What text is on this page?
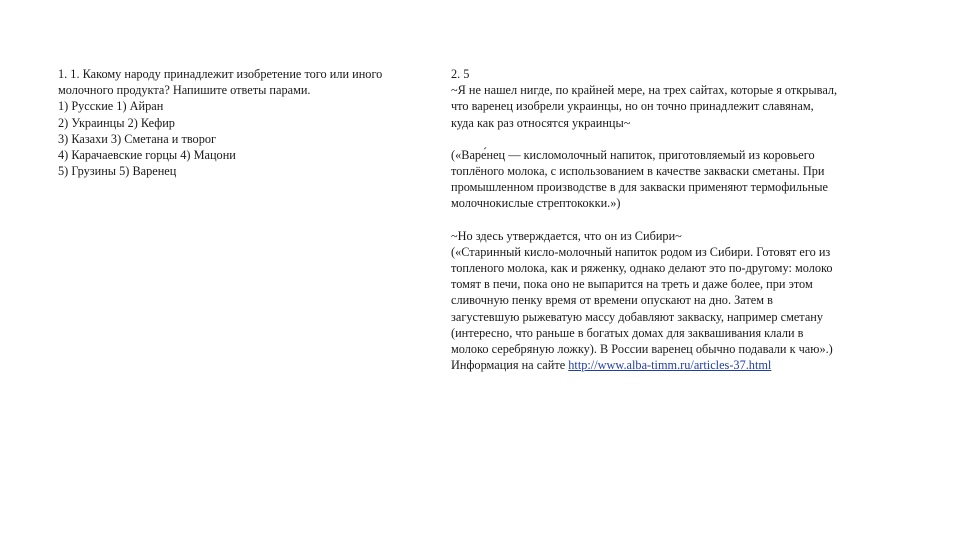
1. 1. Какому народу принадлежит изобретение того или иного
молочного продукта? Напишите ответы парами.
1) Русские 1) Айран
2) Украинцы 2) Кефир
3) Казахи 3) Сметана и творог
4) Карачаевские горцы 4) Мацони
5) Грузины 5) Варенец
2. 5
~Я не нашел нигде, по крайней мере, на трех сайтах, которые я открывал,
что варенец изобрели украинцы, но он точно принадлежит славянам,
куда как раз относятся украинцы~
(«Варе́нец — кисломолочный напиток, приготовляемый из коровьего
топлёного молока, с использованием в качестве закваски сметаны. При
промышленном производстве в для закваски применяют термофильные
молочнокислые стрептококки.»)
~Но здесь утверждается, что он из Сибири~
(«Старинный кисло-молочный напиток родом из Сибири. Готовят его из
топленого молока, как и ряженку, однако делают это по-другому: молоко
томят в печи, пока оно не выпарится на треть и даже более, при этом
сливочную пенку время от времени опускают на дно. Затем в
загустевшую рыжеватую массу добавляют закваску, например сметану
(интересно, что раньше в богатых домах для заквашивания клали в
молоко серебряную ложку). В России варенец обычно подавали к чаю».)
Информация на сайте http://www.alba-timm.ru/articles-37.html
